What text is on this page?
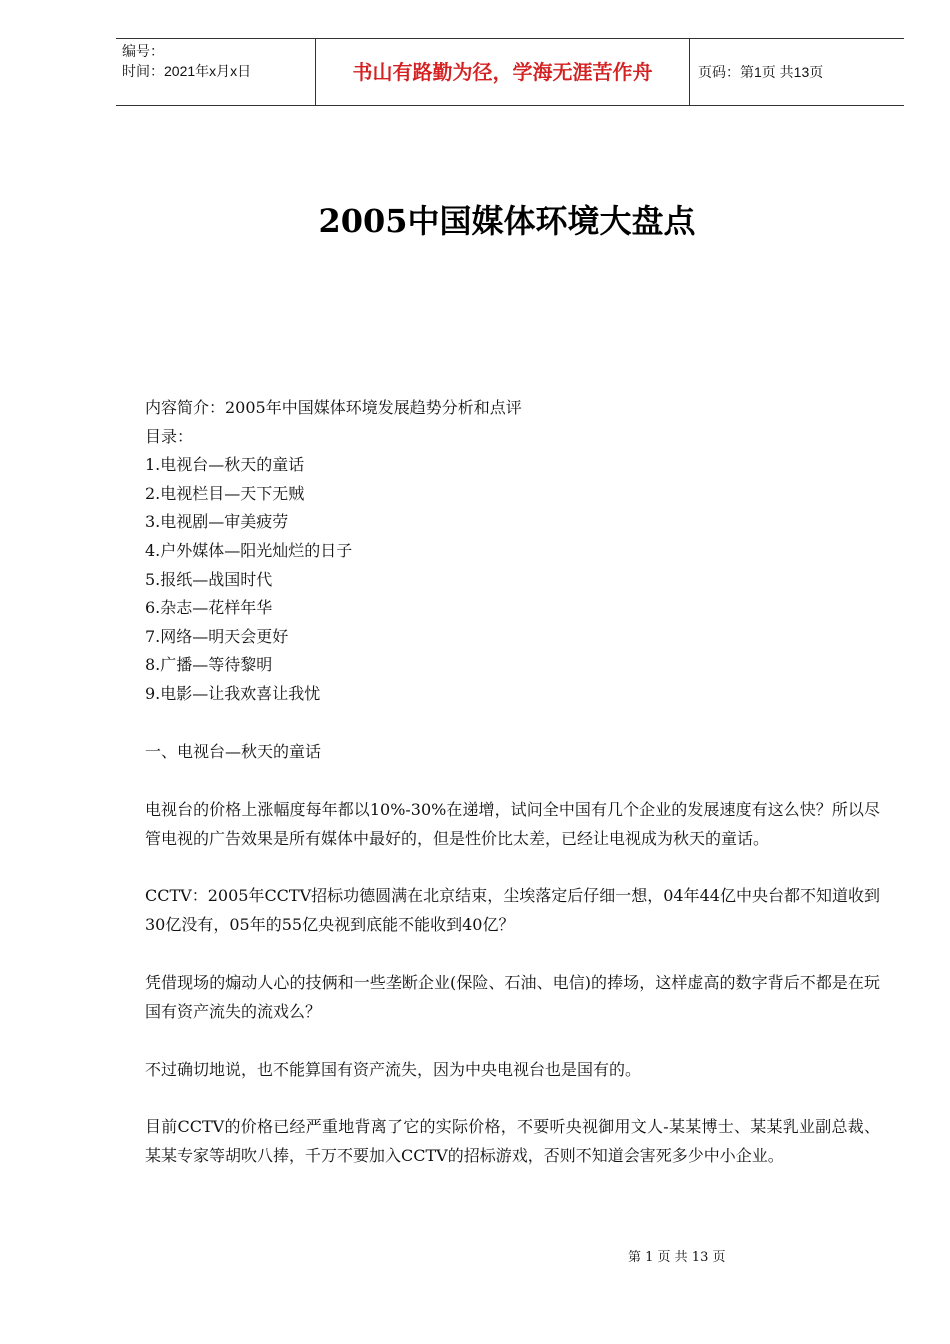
编号：
时间：2021年x月x日	书山有路勤为径，学海无涯苦作舟	页码：第1页 共13页
2005中国媒体环境大盘点

内容简介：2005年中国媒体环境发展趋势分析和点评

目录：

1.电视台—秋天的童话

2.电视栏目—天下无贼

3.电视剧—审美疲劳

4.户外媒体—阳光灿烂的日子

5.报纸—战国时代

6.杂志—花样年华

7.网络—明天会更好

8.广播—等待黎明

9.电影—让我欢喜让我忧

一、电视台—秋天的童话

电视台的价格上涨幅度每年都以10%-30%在递增，试问全中国有几个企业的发展速度有这么快？所以尽管电视的广告效果是所有媒体中最好的，但是性价比太差，已经让电视成为秋天的童话。

CCTV：2005年CCTV招标功德圆满在北京结束，尘埃落定后仔细一想，04年44亿中央台都不知道收到30亿没有，05年的55亿央视到底能不能收到40亿？

凭借现场的煽动人心的技俩和一些垄断企业(保险、石油、电信)的捧场，这样虚高的数字背后不都是在玩国有资产流失的流戏么？

不过确切地说，也不能算国有资产流失，因为中央电视台也是国有的。

目前CCTV的价格已经严重地背离了它的实际价格，不要听央视御用文人-某某博士、某某乳业副总裁、某某专家等胡吹八捧，千万不要加入CCTV的招标游戏，否则不知道会害死多少中小企业。

第 1 页 共 13 页
